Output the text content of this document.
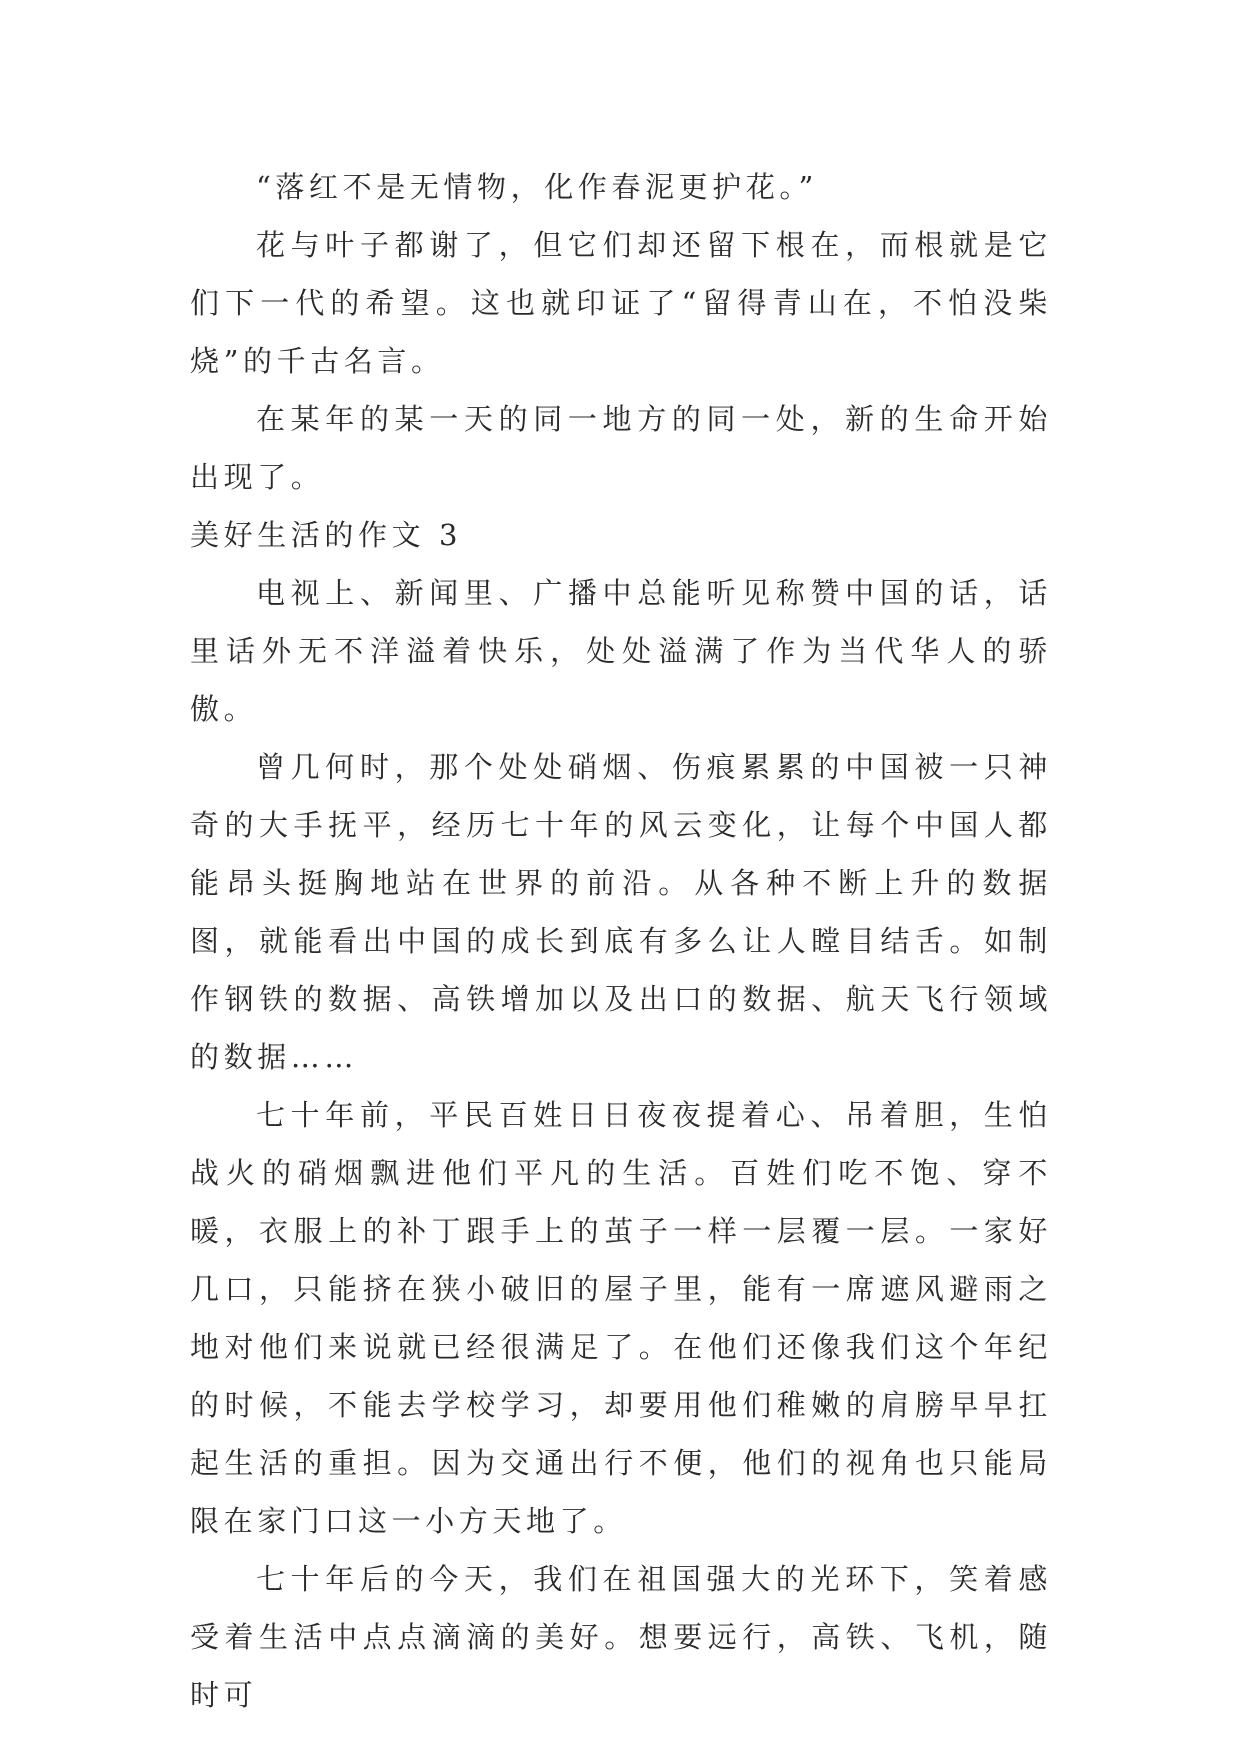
“落红不是无情物，化作春泥更护花。”

花与叶子都谢了，但它们却还留下根在，而根就是它们下一代的希望。这也就印证了“留得青山在，不怕没柴烧”的千古名言。

在某年的某一天的同一地方的同一处，新的生命开始出现了。

美好生活的作文 3

电视上、新闻里、广播中总能听见称赞中国的话，话里话外无不洋溢着快乐，处处溢满了作为当代华人的骄傲。

曾几何时，那个处处硝烟、伤痕累累的中国被一只神奇的大手抚平，经历七十年的风云变化，让每个中国人都能昂头挺胸地站在世界的前沿。从各种不断上升的数据图，就能看出中国的成长到底有多么让人瞠目结舌。如制作钢铁的数据、高铁增加以及出口的数据、航天飞行领域的数据……

七十年前，平民百姓日日夜夜提着心、吊着胆，生怕战火的硝烟飘进他们平凡的生活。百姓们吃不饱、穿不暖，衣服上的补丁跟手上的茧子一样一层覆一层。一家好几口，只能挤在狭小破旧的屋子里，能有一席遮风避雨之地对他们来说就已经很满足了。在他们还像我们这个年纪的时候，不能去学校学习，却要用他们稚嫩的肩膀早早扛起生活的重担。因为交通出行不便，他们的视角也只能局限在家门口这一小方天地了。

七十年后的今天，我们在祖国强大的光环下，笑着感受着生活中点点滴滴的美好。想要远行，高铁、飞机，随时可
